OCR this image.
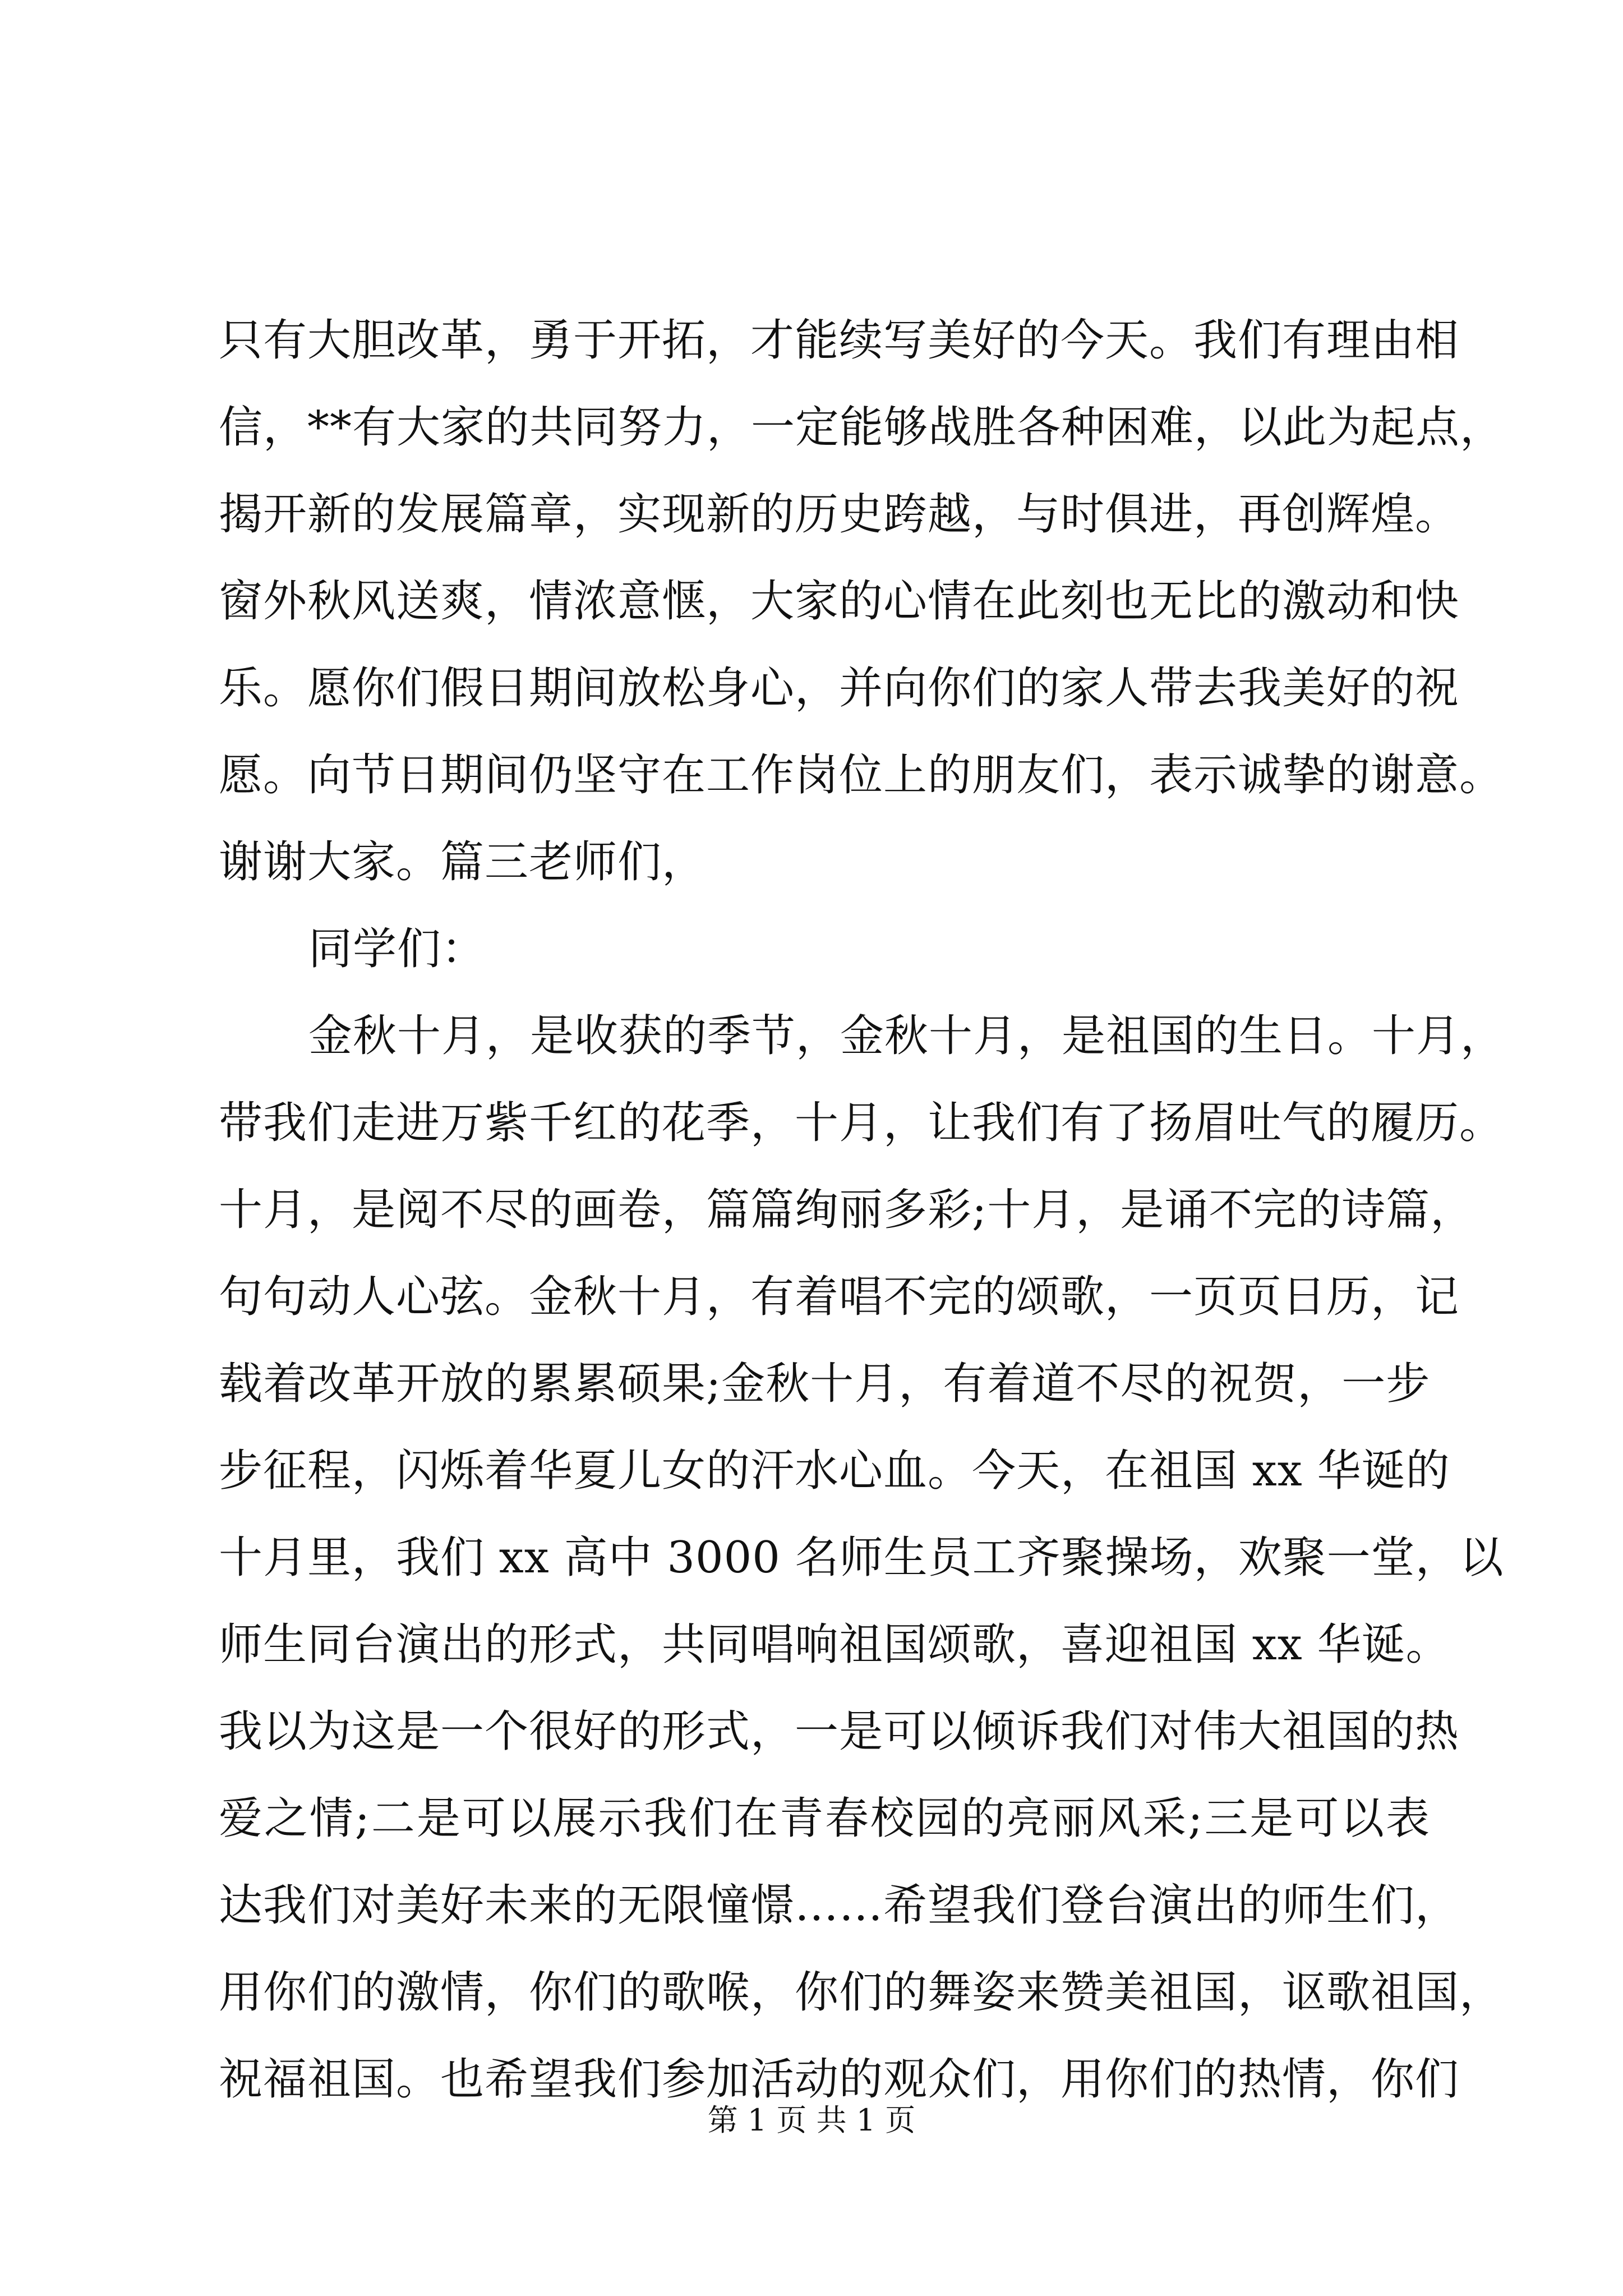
只有大胆改革，勇于开拓，才能续写美好的今天。我们有理由相
信，**有大家的共同努力，一定能够战胜各种困难，以此为起点，
揭开新的发展篇章，实现新的历史跨越，与时俱进，再创辉煌。
窗外秋风送爽，情浓意惬，大家的心情在此刻也无比的激动和快
乐。愿你们假日期间放松身心，并向你们的家人带去我美好的祝
愿。向节日期间仍坚守在工作岗位上的朋友们，表示诚挚的谢意。
谢谢大家。篇三老师们，
同学们：
金秋十月，是收获的季节，金秋十月，是祖国的生日。十月，
带我们走进万紫千红的花季，十月，让我们有了扬眉吐气的履历。
十月，是阅不尽的画卷，篇篇绚丽多彩;十月，是诵不完的诗篇，
句句动人心弦。金秋十月，有着唱不完的颂歌，一页页日历，记
载着改革开放的累累硕果;金秋十月，有着道不尽的祝贺，一步
步征程，闪烁着华夏儿女的汗水心血。今天，在祖国 xx 华诞的
十月里，我们 xx 高中 3000 名师生员工齐聚操场，欢聚一堂，以
师生同台演出的形式，共同唱响祖国颂歌，喜迎祖国 xx 华诞。
我以为这是一个很好的形式，一是可以倾诉我们对伟大祖国的热
爱之情;二是可以展示我们在青春校园的亮丽风采;三是可以表
达我们对美好未来的无限憧憬……希望我们登台演出的师生们，
用你们的激情，你们的歌喉，你们的舞姿来赞美祖国，讴歌祖国，
祝福祖国。也希望我们参加活动的观众们，用你们的热情，你们
第 1 页 共 1 页
